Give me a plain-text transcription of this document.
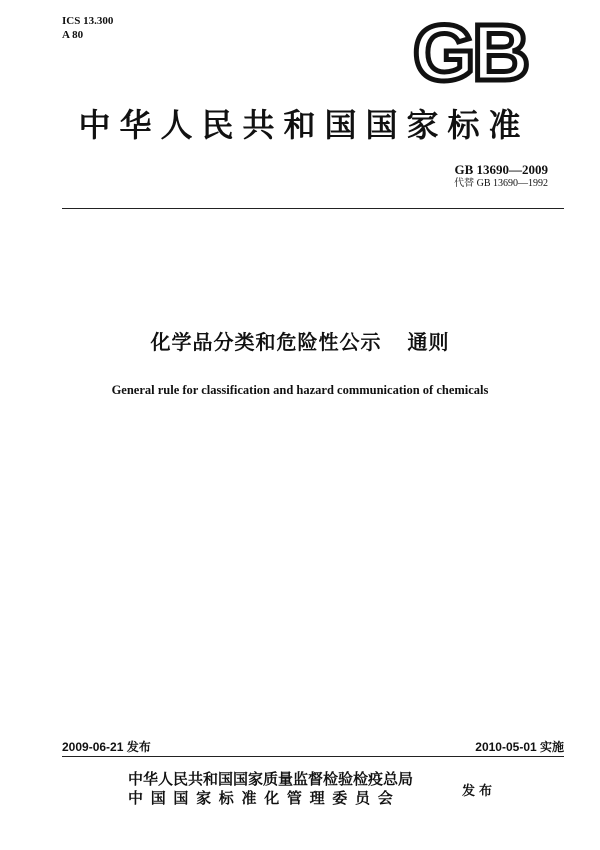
ICS 13.300
A 80	GB
中华人民共和国国家标准
GB 13690—2009
代替 GB 13690—1992
化学品分类和危险性公示 通则
General rule for classification and hazard communication of chemicals
2009-06-21 发布	2010-05-01 实施
中华人民共和国国家质量监督检验检疫总局
中国国家标准化管理委员会	发布
